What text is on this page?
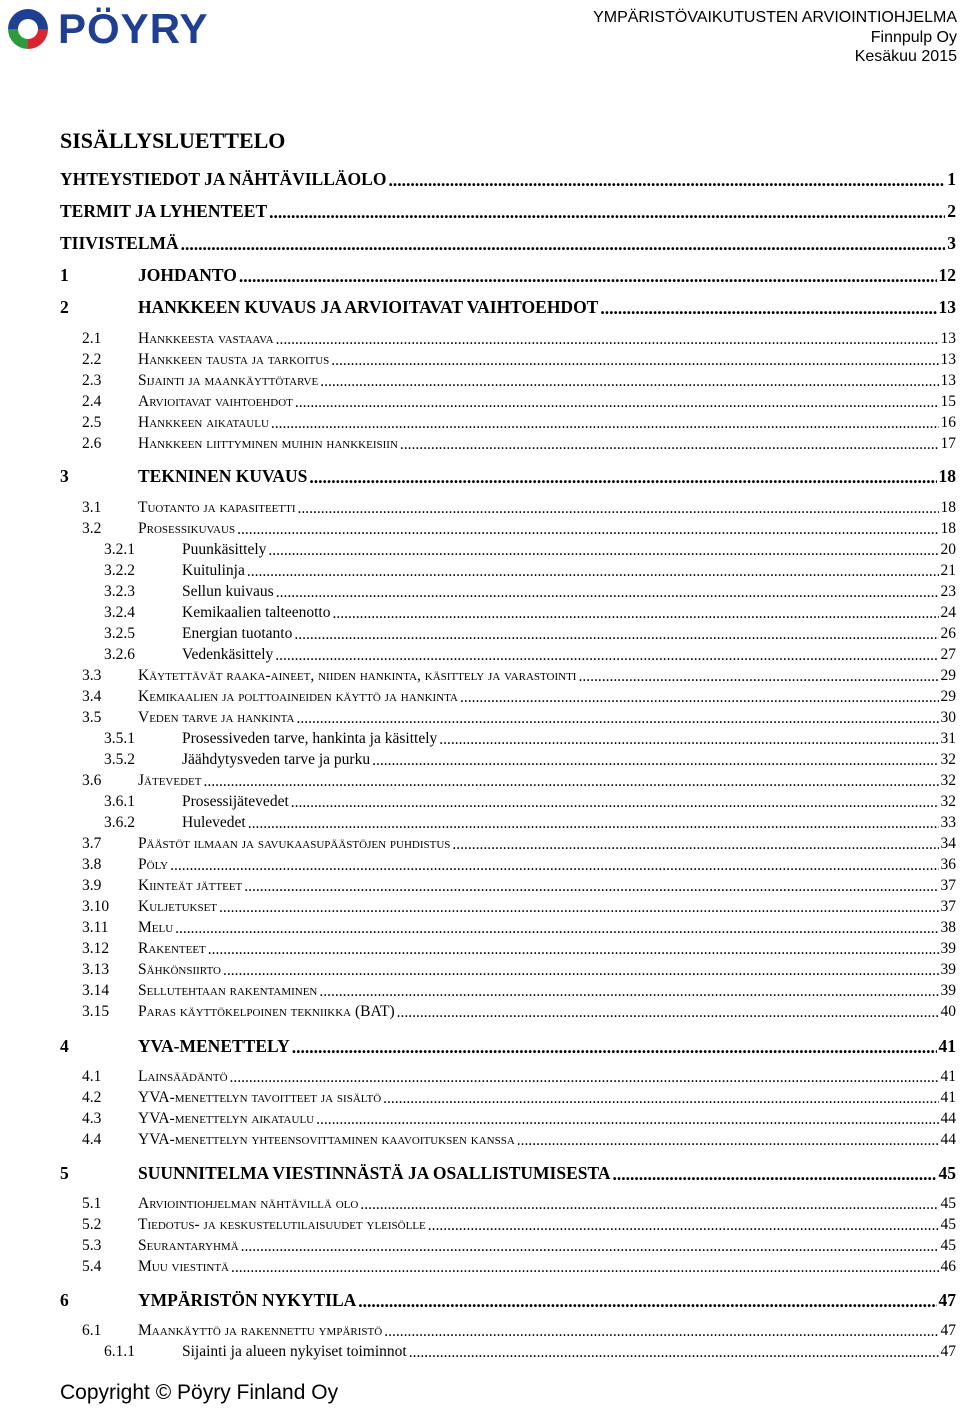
PÖYRY	YMPÄRISTÖVAIKUTUSTEN ARVIOINTIOHJELMA
Finnpulp Oy
Kesäkuu 2015
SISÄLLYSLUETTELO
YHTEYSTIEDOT JA NÄHTÄVILLÄOLO .....	1
TERMIT JA LYHENTEET .....	2
TIIVISTELMÄ .....	3
1	JOHDANTO .....	12
2	HANKKEEN KUVAUS JA ARVIOITAVAT VAIHTOEHDOT .....	13
2.1	Hankkeesta vastaava .....	13
2.2	Hankkeen tausta ja tarkoitus .....	13
2.3	Sijainti ja maankäyttötarve .....	13
2.4	Arvioitavat vaihtoehdot .....	15
2.5	Hankkeen aikataulu .....	16
2.6	Hankkeen liittyminen muihin hankkeisiin .....	17
3	TEKNINEN KUVAUS .....	18
3.1	Tuotanto ja kapasiteetti .....	18
3.2	Prosessikuvaus .....	18
3.2.1	Puunkäsittely .....	20
3.2.2	Kuitulinja .....	21
3.2.3	Sellun kuivaus .....	23
3.2.4	Kemikaalien talteenotto .....	24
3.2.5	Energian tuotanto .....	26
3.2.6	Vedenkäsittely .....	27
3.3	Käytettävät raaka-aineet, niiden hankinta, käsittely ja varastointi .....	29
3.4	Kemikaalien ja polttoaineiden käyttö ja hankinta .....	29
3.5	Veden tarve ja hankinta .....	30
3.5.1	Prosessiveden tarve, hankinta ja käsittely .....	31
3.5.2	Jäähdytysveden tarve ja purku .....	32
3.6	Jätevedet .....	32
3.6.1	Prosessijätevedet .....	32
3.6.2	Hulevedet .....	33
3.7	Päästöt ilmaan ja savukaasupäästöjen puhdistus .....	34
3.8	Pöly .....	36
3.9	Kiinteät jätteet .....	37
3.10	Kuljetukset .....	37
3.11	Melu .....	38
3.12	Rakenteet .....	39
3.13	Sähkönsiirto .....	39
3.14	Sellutehtaan rakentaminen .....	39
3.15	Paras käyttökelpoinen tekniikka (BAT) .....	40
4	YVA-MENETTELY .....	41
4.1	Lainsäädäntö .....	41
4.2	YVA-menettelyn tavoitteet ja sisältö .....	41
4.3	YVA-menettelyn aikataulu .....	44
4.4	YVA-menettelyn yhteensovittaminen kaavoituksen kanssa .....	44
5	SUUNNITELMA VIESTINNÄSTÄ JA OSALLISTUMISESTA .....	45
5.1	Arviointiohjelman nähtävillä olo .....	45
5.2	Tiedotus- ja keskustelutilaisuudet yleisölle .....	45
5.3	Seurantaryhmä .....	45
5.4	Muu viestintä .....	46
6	YMPÄRISTÖN NYKYTILA .....	47
6.1	Maankäyttö ja rakennettu ympäristö .....	47
6.1.1	Sijainti ja alueen nykyiset toiminnot .....	47
Copyright © Pöyry Finland Oy
